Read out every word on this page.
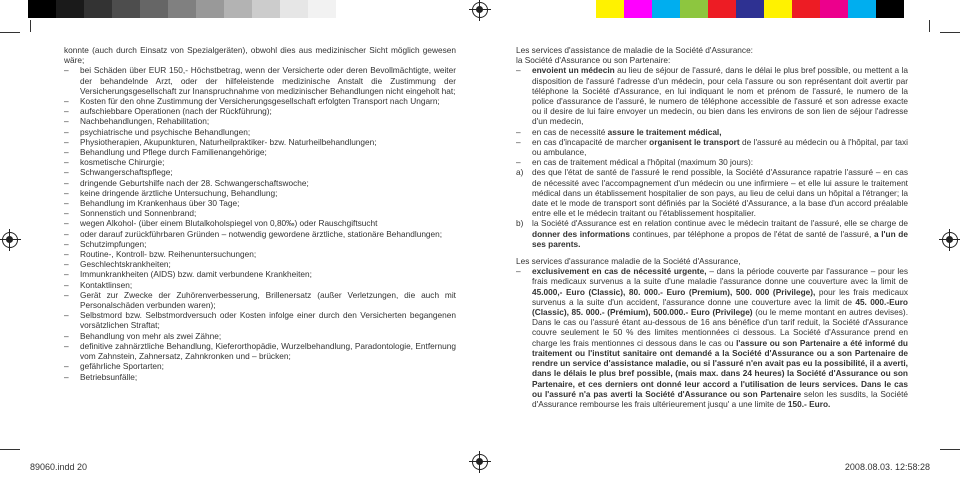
konnte (auch durch Einsatz von Spezialgeräten), obwohl dies aus medizinischer Sicht möglich gewesen wäre;

– bei Schäden über EUR 150,- Höchstbetrag, wenn der Versicherte oder deren Bevollmächtigte, weiter der behandelnde Arzt, oder der hilfeleistende medizinische Anstalt die Zustimmung der Versicherungsgesellschaft zur Inanspruchnahme von medizinischer Behandlungen nicht eingeholt hat;
– Kosten für den ohne Zustimmung der Versicherungsgesellschaft erfolgten Transport nach Ungarn;
– aufschiebbare Operationen (nach der Rückführung);
– Nachbehandlungen, Rehabilitation;
– psychiatrische und psychische Behandlungen;
– Physiotherapien, Akupunkturen, Naturheilpraktiker- bzw. Naturheilbehandlungen;
– Behandlung und Pflege durch Familienangehörige;
– kosmetische Chirurgie;
– Schwangerschaftspflege;
– dringende Geburtshilfe nach der 28. Schwangerschaftswoche;
– keine dringende ärztliche Untersuchung, Behandlung;
– Behandlung im Krankenhaus über 30 Tage;
– Sonnenstich und Sonnenbrand;
– wegen Alkohol- (über einem Blutalkoholspiegel von 0,80‰) oder Rauschgiftsucht
– oder darauf zurückführbaren Gründen – notwendig gewordene ärztliche, stationäre Behandlungen;
– Schutzimpfungen;
– Routine-, Kontroll- bzw. Reihenuntersuchungen;
– Geschlechtskrankheiten;
– Immunkrankheiten (AIDS) bzw. damit verbundene Krankheiten;
– Kontaktlinsen;
– Gerät zur Zwecke der Zuhörenverbesserung, Brillenersatz (außer Verletzungen, die auch mit Personalschäden verbunden waren);
– Selbstmord bzw. Selbstmordversuch oder Kosten infolge einer durch den Versicherten begangenen vorsätzlichen Straftat;
– Behandlung von mehr als zwei Zähne;
– definitive zahnärztliche Behandlung, Kieferorthopädie, Wurzelbehandlung, Paradontologie, Entfernung vom Zahnstein, Zahnersatz, Zahnkronken und – brücken;
– gefährliche Sportarten;
– Betriebsunfälle;

Les services d'assistance de maladie de la Société d'Assurance:

la Société d'Assurance ou son Partenaire:

– envoient un médecin au lieu de séjour de l'assuré, dans le délai le plus bref possible, ou mettent a la disposition de l'assuré l'adresse d'un médecin, pour cela l'assure ou son représentant doit avertir par téléphone la Société d'Assurance, en lui indiquant le nom et prénom de l'assuré, le numero de la police d'assurance de l'assuré, le numero de téléphone accessible de l'assuré et son adresse exacte ou il desire de lui faire envoyer un medecin, ou bien dans les environs de son lien de séjour l'adresse d'un medecin,
– en cas de necessité assure le traitement médical,
– en cas d'incapacité de marcher organisent le transport de l'assuré au médecin ou à l'hôpital, par taxi ou ambulance,
– en cas de traitement médical a l'hôpital (maximum 30 jours):
a) des que l'état de santé de l'assuré le rend possible, la Société d'Assurance rapatrie l'assuré – en cas de nécessité avec l'accompagnement d'un médecin ou une infirmiere – et elle lui assure le traitement médical dans un établissement hospitalier de son pays, au lieu de celui dans un hôpital a l'étranger; la date et le mode de transport sont définiés par la Société d'Assurance, a la base d'un accord préalable entre elle et le médecin traitant ou l'établissement hospitalier.
b) la Société d'Assurance est en relation continue avec le médecin traitant de l'assuré, elle se charge de donner des informations continues, par téléphone a propos de l'état de santé de l'assuré, a l'un de ses parents.

Les services d'assurance maladie de la Société d'Assurance,

– exclusivement en cas de nécessité urgente, – dans la période couverte par l'assurance – pour les frais medicaux survenus a la suite d'une maladie l'assurance donne une couverture avec la limit de 45.000,- Euro (Classic), 80. 000.- Euro (Premium), 500. 000 (Privilege), pour les frais medicaux survenus a la suite d'un accident, l'assurance donne une couverture avec la limit de 45. 000.-Euro (Classic), 85. 000.- (Prémium), 500.000.- Euro (Privilege) (ou le meme montant en autres devises). Dans le cas ou l'assuré étant au-dessous de 16 ans bénéfice d'un tarif reduit, la Société d'Assurance couvre seulement le 50 % des limites mentionnées ci dessous. La Société d'Assurance prend en charge les frais mentionnes ci dessous dans le cas ou l'assure ou son Partenaire a été informé du traitement ou l'institut sanitaire ont demandé a la Société d'Assurance ou a son Partenaire de rendre un service d'assistance maladie, ou si l'assuré n'en avait pas eu la possibilité, il a averti, dans le délais le plus bref possible, (mais max. dans 24 heures) la Société d'Assurance ou son Partenaire, et ces derniers ont donné leur accord a l'utilisation de leurs services. Dans le cas ou l'assuré n'a pas averti la Société d'Assurance ou son Partenaire selon les susdits, la Société d'Assurance rembourse les frais ultérieurement jusqu' a une limite de 150.- Euro.
89060.indd 20	2008.08.03. 12:58:28
